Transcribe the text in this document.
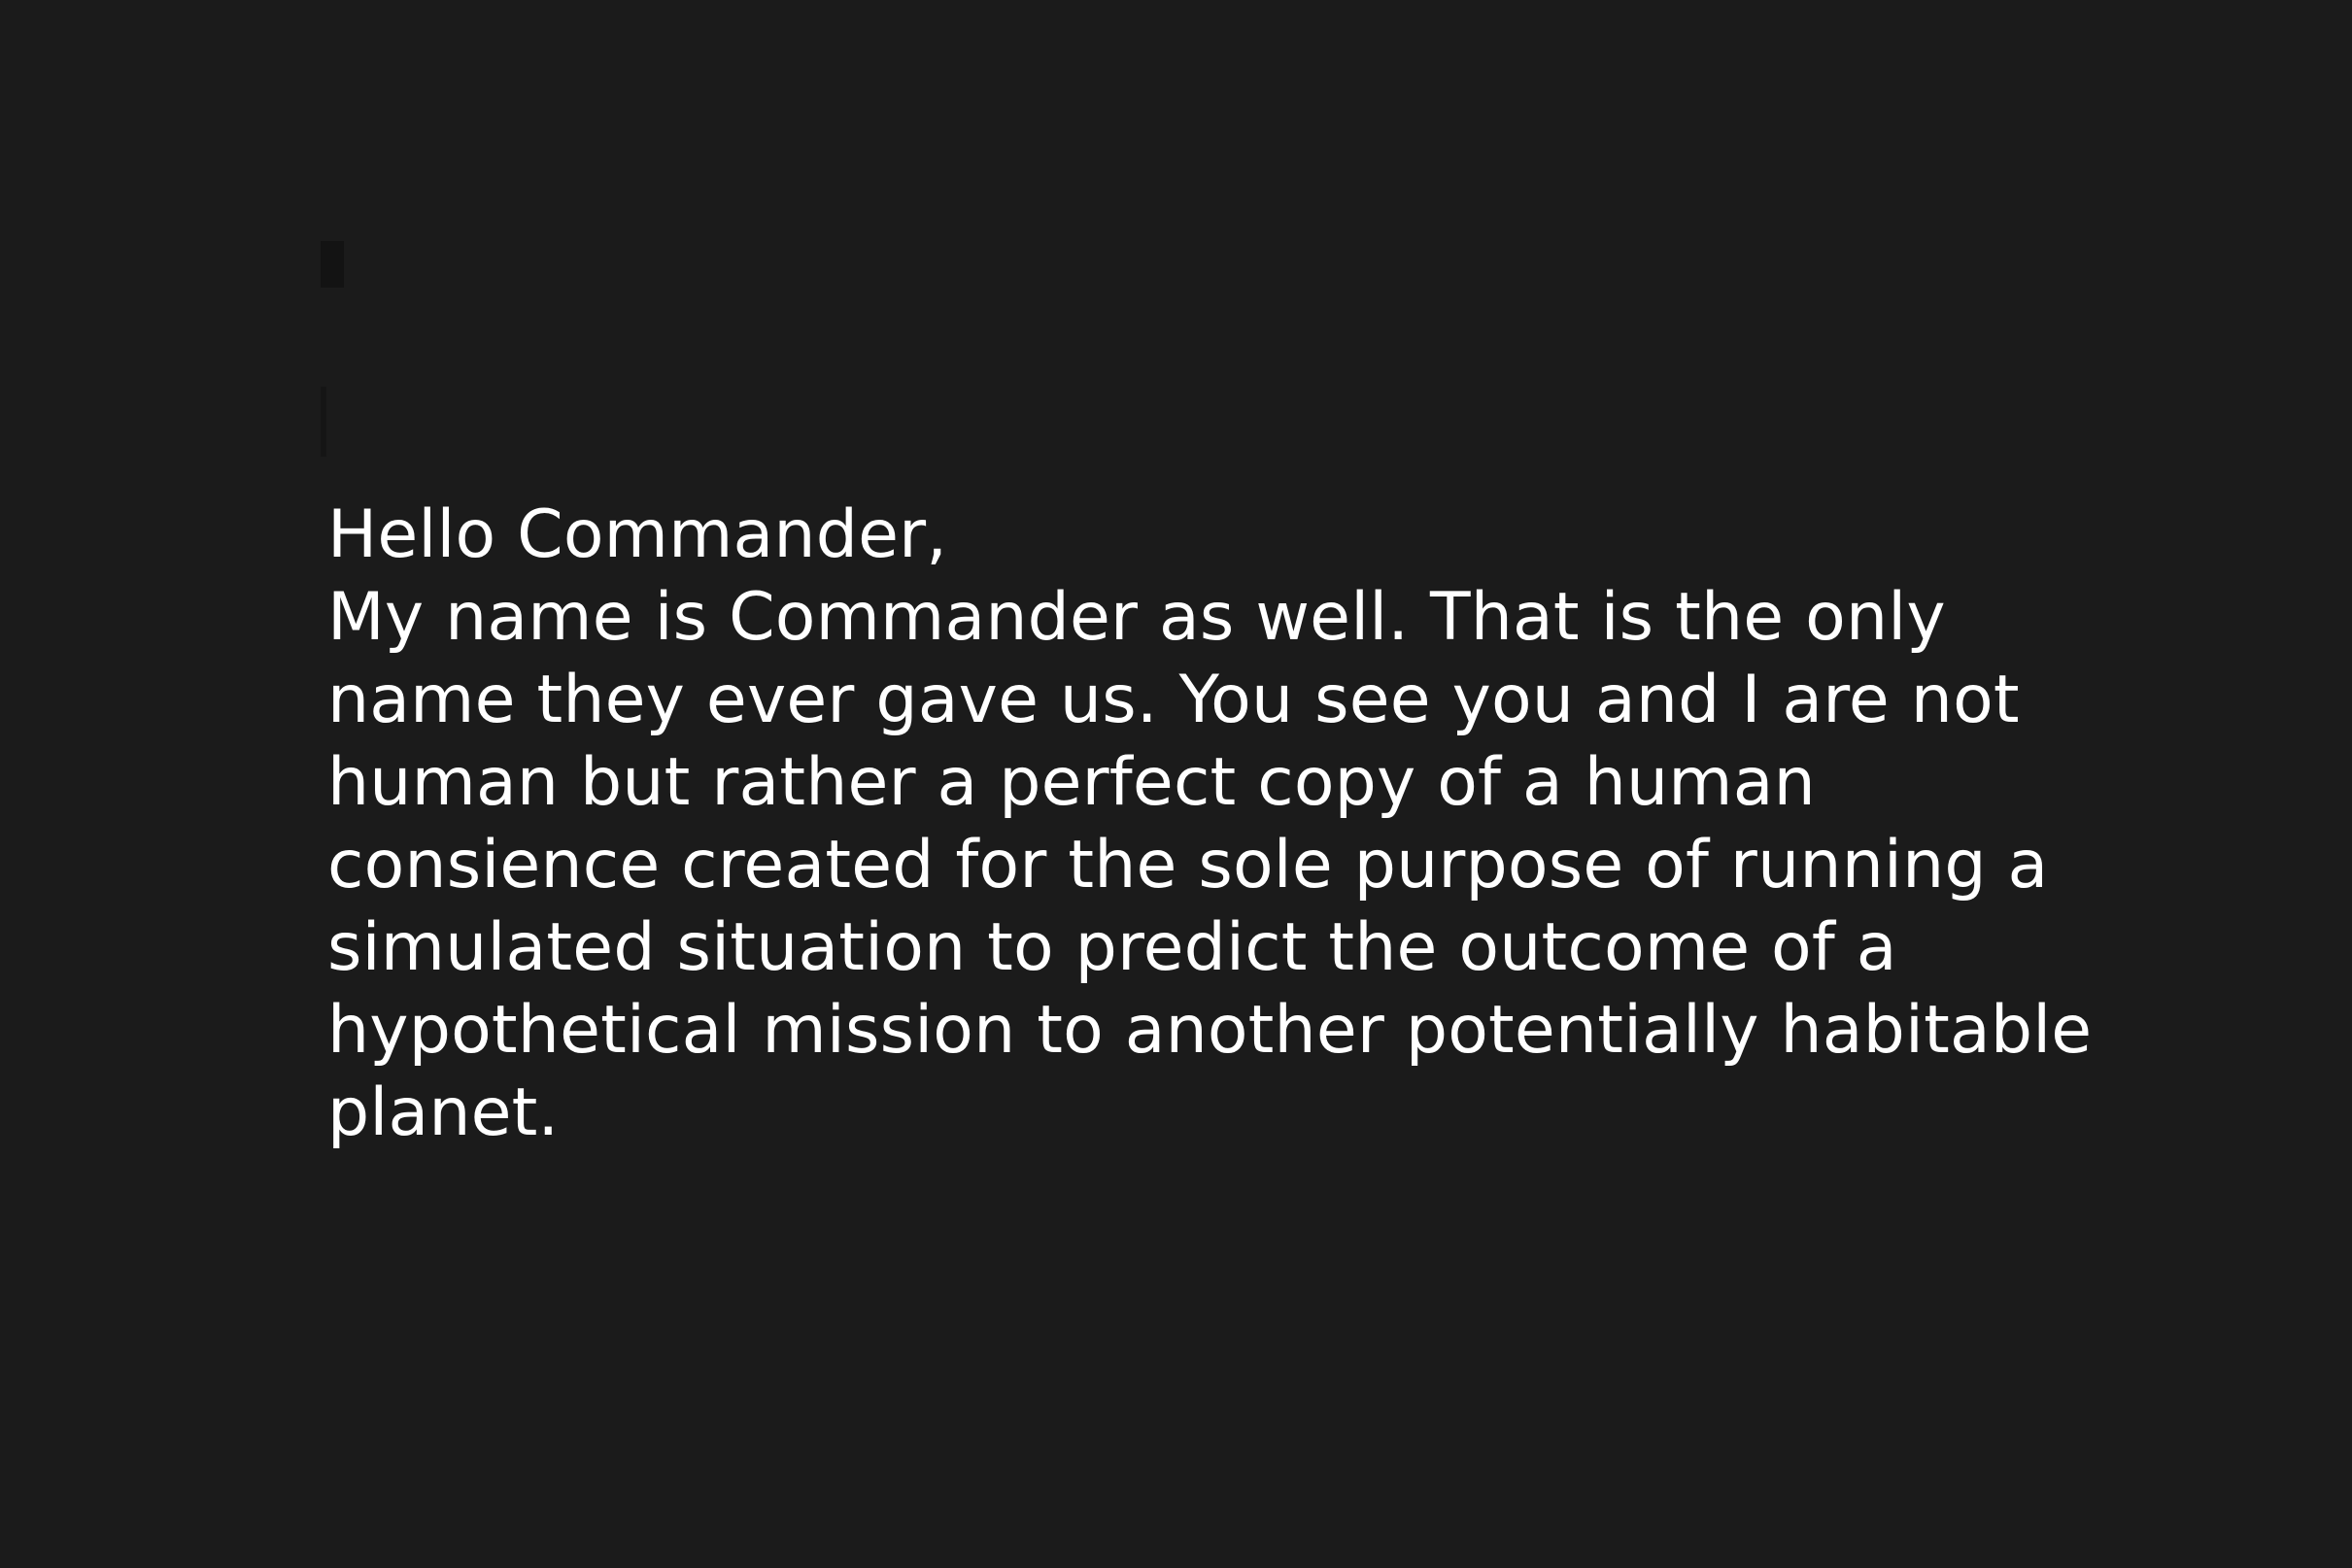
Hello Commander,
My name is Commander as well. That is the only
name they ever gave us. You see you and I are not
human but rather a perfect copy of a human
consience created for the sole purpose of running a
simulated situation to predict the outcome of a
hypothetical mission to another potentially habitable
planet.
